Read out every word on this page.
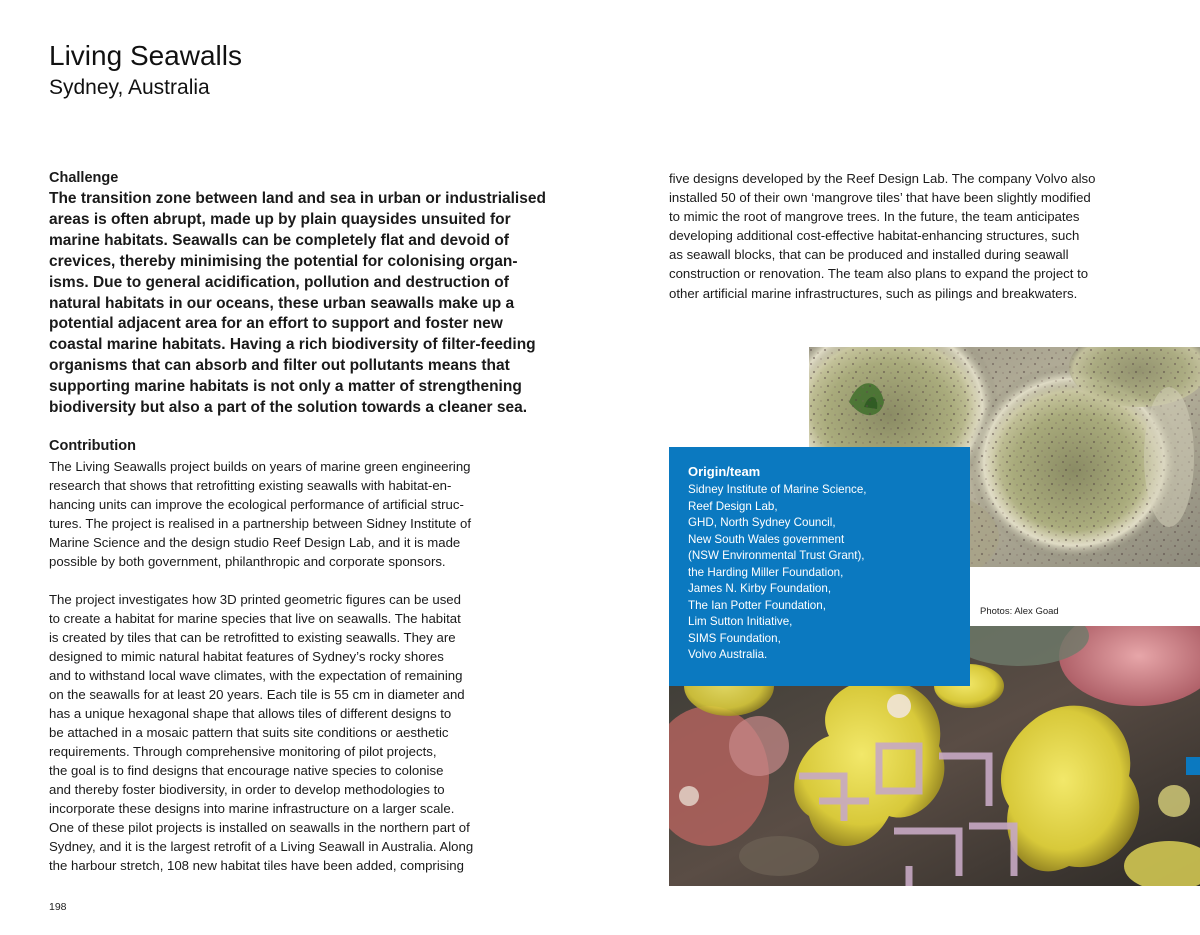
Living Seawalls
Sydney, Australia
Challenge

The transition zone between land and sea in urban or industrialised
areas is often abrupt, made up by plain quaysides unsuited for
marine habitats. Seawalls can be completely flat and devoid of
crevices, thereby minimising the potential for colonising organ-
isms. Due to general acidification, pollution and destruction of
natural habitats in our oceans, these urban seawalls make up a
potential adjacent area for an effort to support and foster new
coastal marine habitats. Having a rich biodiversity of filter-feeding
organisms that can absorb and filter out pollutants means that
supporting marine habitats is not only a matter of strengthening
biodiversity but also a part of the solution towards a cleaner sea.

Contribution

The Living Seawalls project builds on years of marine green engineering
research that shows that retrofitting existing seawalls with habitat-en-
hancing units can improve the ecological performance of artificial struc-
tures. The project is realised in a partnership between Sidney Institute of
Marine Science and the design studio Reef Design Lab, and it is made
possible by both government, philanthropic and corporate sponsors.

The project investigates how 3D printed geometric figures can be used
to create a habitat for marine species that live on seawalls. The habitat
is created by tiles that can be retrofitted to existing seawalls. They are
designed to mimic natural habitat features of Sydney’s rocky shores
and to withstand local wave climates, with the expectation of remaining
on the seawalls for at least 20 years. Each tile is 55 cm in diameter and
has a unique hexagonal shape that allows tiles of different designs to
be attached in a mosaic pattern that suits site conditions or aesthetic
requirements. Through comprehensive monitoring of pilot projects,
the goal is to find designs that encourage native species to colonise
and thereby foster biodiversity, in order to develop methodologies to
incorporate these designs into marine infrastructure on a larger scale.
One of these pilot projects is installed on seawalls in the northern part of
Sydney, and it is the largest retrofit of a Living Seawall in Australia. Along
the harbour stretch, 108 new habitat tiles have been added, comprising

five designs developed by the Reef Design Lab. The company Volvo also
installed 50 of their own ‘mangrove tiles’ that have been slightly modified
to mimic the root of mangrove trees. In the future, the team anticipates
developing additional cost-effective habitat-enhancing structures, such
as seawall blocks, that can be produced and installed during seawall
construction or renovation. The team also plans to expand the project to
other artificial marine infrastructures, such as pilings and breakwaters.

Photos: Alex Goad
Origin/team
Sidney Institute of Marine Science,
Reef Design Lab,
GHD, North Sydney Council,
New South Wales government
(NSW Environmental Trust Grant),
the Harding Miller Foundation,
James N. Kirby Foundation,
The Ian Potter Foundation,
Lim Sutton Initiative,
SIMS Foundation,
Volvo Australia.
198
